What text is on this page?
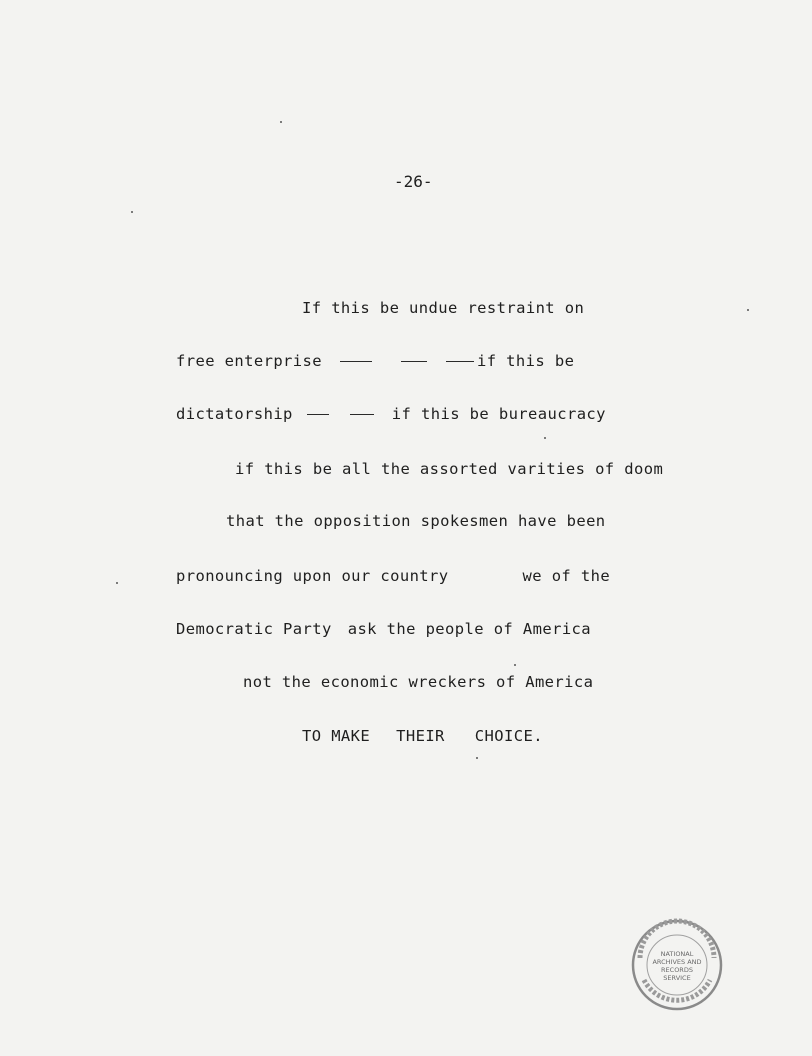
-26-
If this be undue restraint on
free enterprise	if this be
dictatorship	if this be bureaucracy
if this be all the assorted varities of doom
that the opposition spokesmen have been
pronouncing upon our country	we of the
Democratic Party ask the people of America
not the economic wreckers of America
TO MAKE THEIR CHOICE.
NATIONAL
ARCHIVES AND
RECORDS
SERVICE
